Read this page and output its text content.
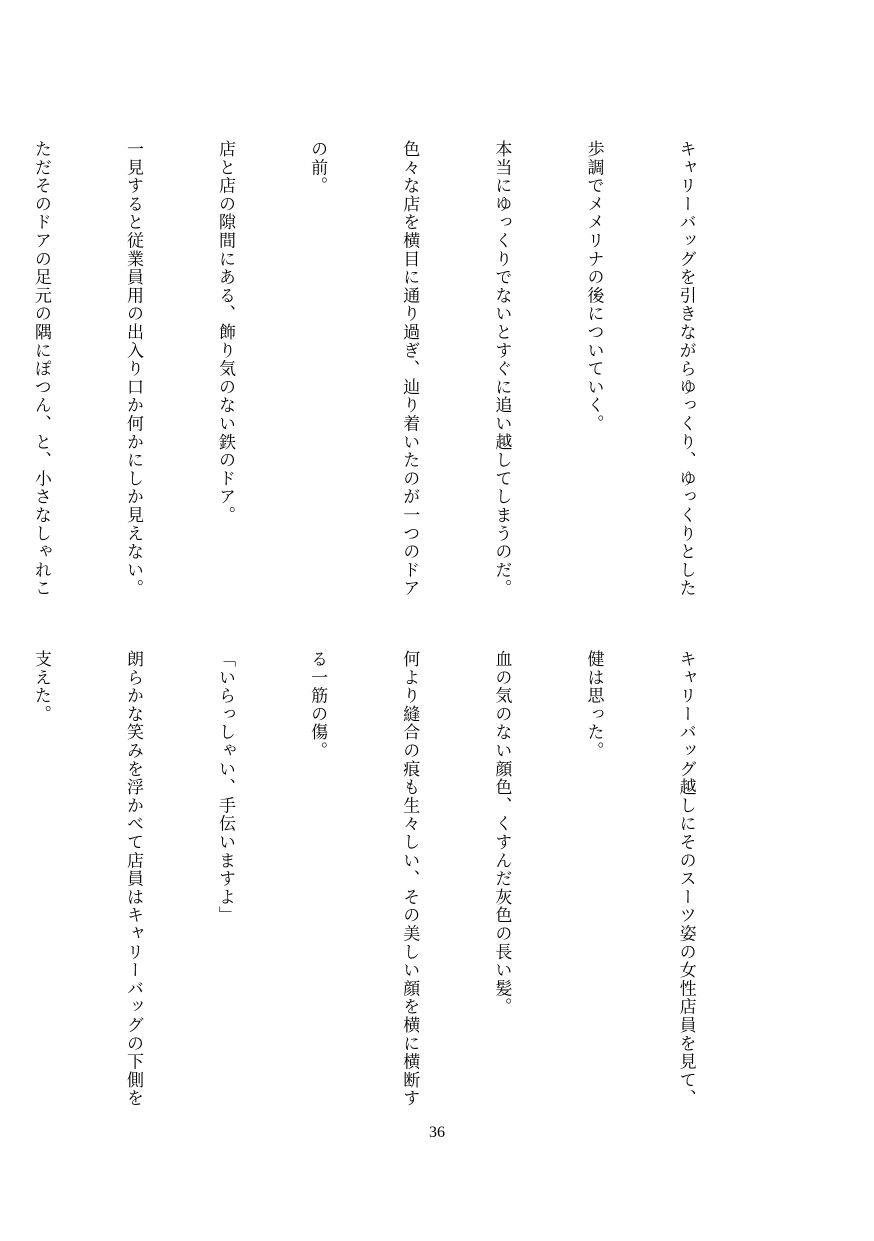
キャリーバッグを引きながらゆっくり、ゆっくりとした

歩調でメメリナの後についていく。

本当にゆっくりでないとすぐに追い越してしまうのだ。

色々な店を横目に通り過ぎ、辿り着いたのが一つのドア

の前。

店と店の隙間にある、飾り気のない鉄のドア。

一見すると従業員用の出入り口か何かにしか見えない。

ただそのドアの足元の隅にぽつん、と、小さなしゃれこ

キャリーバッグ越しにそのスーツ姿の女性店員を見て、

健は思った。

血の気のない顔色、くすんだ灰色の長い髪。

何より縫合の痕も生々しい、その美しい顔を横に横断す

る一筋の傷。

「いらっしゃい、手伝いますよ」

朗らかな笑みを浮かべて店員はキャリーバッグの下側を

支えた。

36
